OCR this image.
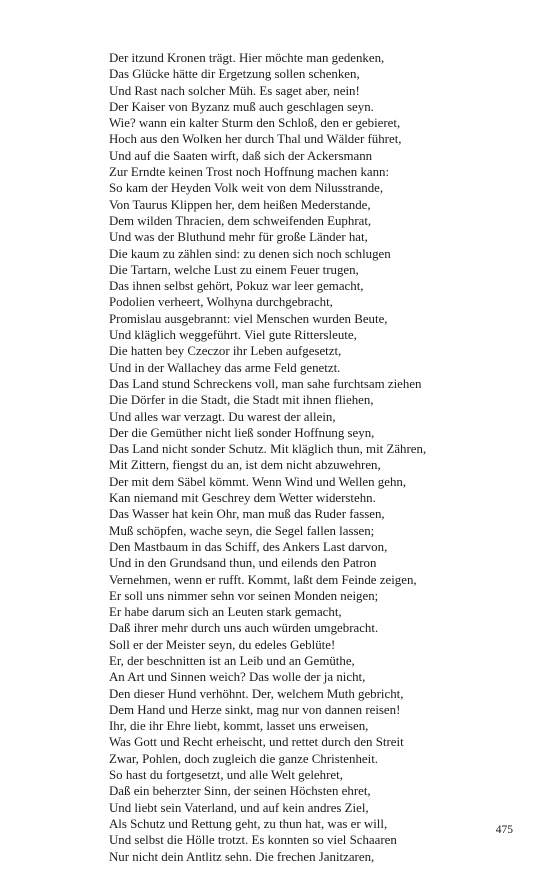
Der itzund Kronen trägt. Hier möchte man gedenken,
Das Glücke hätte dir Ergetzung sollen schenken,
Und Rast nach solcher Müh. Es saget aber, nein!
Der Kaiser von Byzanz muß auch geschlagen seyn.
Wie? wann ein kalter Sturm den Schloß, den er gebieret,
Hoch aus den Wolken her durch Thal und Wälder führet,
Und auf die Saaten wirft, daß sich der Ackersmann
Zur Erndte keinen Trost noch Hoffnung machen kann:
So kam der Heyden Volk weit von dem Nilusstrande,
Von Taurus Klippen her, dem heißen Mederstande,
Dem wilden Thracien, dem schweifenden Euphrat,
Und was der Bluthund mehr für große Länder hat,
Die kaum zu zählen sind: zu denen sich noch schlugen
Die Tartarn, welche Lust zu einem Feuer trugen,
Das ihnen selbst gehört, Pokuz war leer gemacht,
Podolien verheert, Wolhyna durchgebracht,
Promislau ausgebrannt: viel Menschen wurden Beute,
Und kläglich weggeführt. Viel gute Rittersleute,
Die hatten bey Czeczor ihr Leben aufgesetzt,
Und in der Wallachey das arme Feld genetzt.
Das Land stund Schreckens voll, man sahe furchtsam ziehen
Die Dörfer in die Stadt, die Stadt mit ihnen fliehen,
Und alles war verzagt. Du warest der allein,
Der die Gemüther nicht ließ sonder Hoffnung seyn,
Das Land nicht sonder Schutz. Mit kläglich thun, mit Zähren,
Mit Zittern, fiengst du an, ist dem nicht abzuwehren,
Der mit dem Säbel kömmt. Wenn Wind und Wellen gehn,
Kan niemand mit Geschrey dem Wetter widerstehn.
Das Wasser hat kein Ohr, man muß das Ruder fassen,
Muß schöpfen, wache seyn, die Segel fallen lassen;
Den Mastbaum in das Schiff, des Ankers Last darvon,
Und in den Grundsand thun, und eilends den Patron
Vernehmen, wenn er rufft. Kommt, laßt dem Feinde zeigen,
Er soll uns nimmer sehn vor seinen Monden neigen;
Er habe darum sich an Leuten stark gemacht,
Daß ihrer mehr durch uns auch würden umgebracht.
Soll er der Meister seyn, du edeles Geblüte!
Er, der beschnitten ist an Leib und an Gemüthe,
An Art und Sinnen weich? Das wolle der ja nicht,
Den dieser Hund verhöhnt. Der, welchem Muth gebricht,
Dem Hand und Herze sinkt, mag nur von dannen reisen!
Ihr, die ihr Ehre liebt, kommt, lasset uns erweisen,
Was Gott und Recht erheischt, und rettet durch den Streit
Zwar, Pohlen, doch zugleich die ganze Christenheit.
So hast du fortgesetzt, und alle Welt gelehret,
Daß ein beherzter Sinn, der seinen Höchsten ehret,
Und liebt sein Vaterland, und auf kein andres Ziel,
Als Schutz und Rettung geht, zu thun hat, was er will,
Und selbst die Hölle trotzt. Es konnten so viel Schaaren
Nur nicht dein Antlitz sehn. Die frechen Janitzaren,
475
